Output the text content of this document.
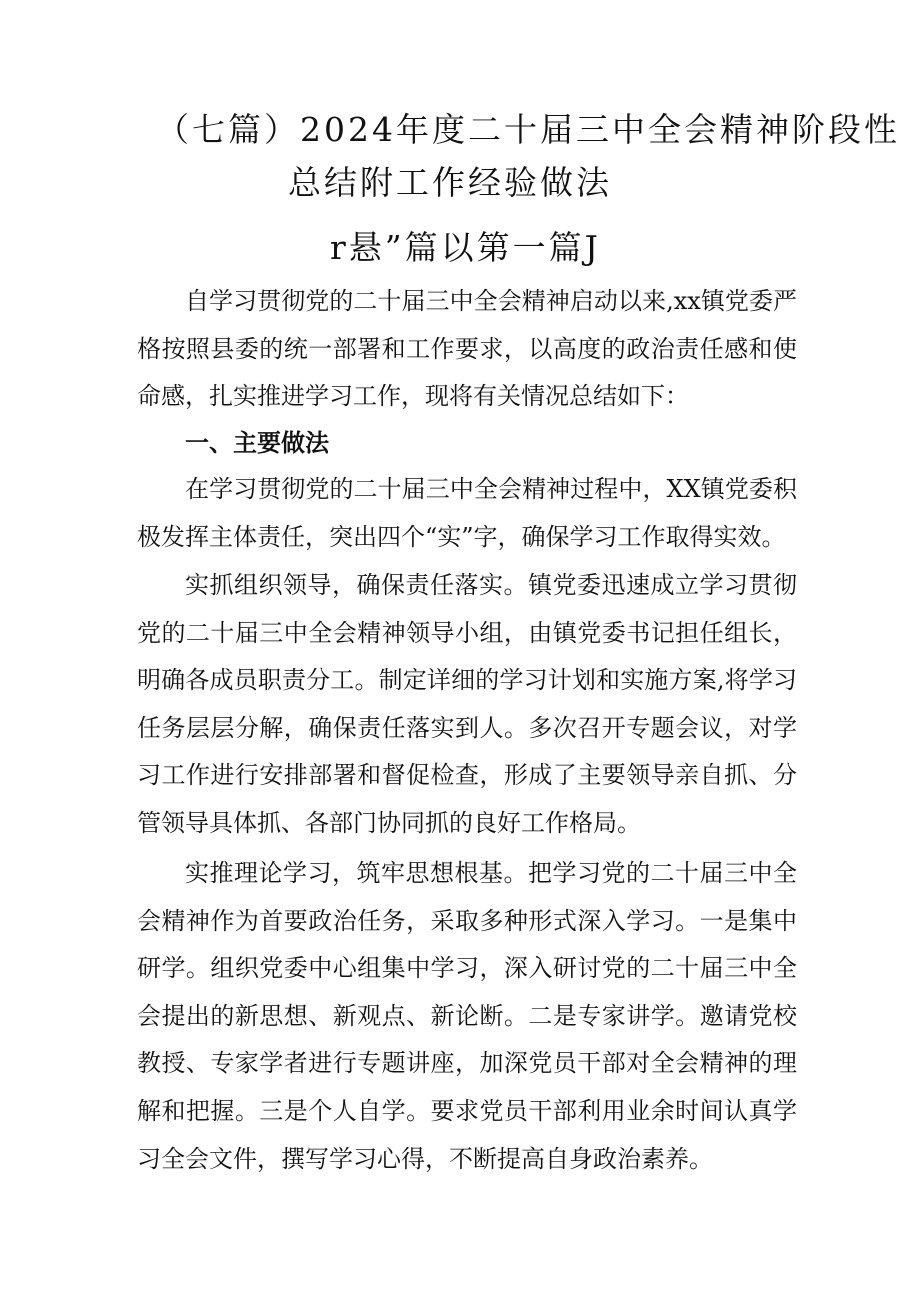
（七篇）2024年度二十届三中全会精神阶段性
总结附工作经验做法
r悬”篇以第一篇J

自学习贯彻党的二十届三中全会精神启动以来,xx镇党委严格按照县委的统一部署和工作要求，以高度的政治责任感和使命感，扎实推进学习工作，现将有关情况总结如下：

一、主要做法

在学习贯彻党的二十届三中全会精神过程中，XX镇党委积极发挥主体责任，突出四个“实”字，确保学习工作取得实效。

实抓组织领导，确保责任落实。镇党委迅速成立学习贯彻党的二十届三中全会精神领导小组，由镇党委书记担任组长，明确各成员职责分工。制定详细的学习计划和实施方案,将学习任务层层分解，确保责任落实到人。多次召开专题会议，对学习工作进行安排部署和督促检查，形成了主要领导亲自抓、分管领导具体抓、各部门协同抓的良好工作格局。

实推理论学习，筑牢思想根基。把学习党的二十届三中全会精神作为首要政治任务，采取多种形式深入学习。一是集中研学。组织党委中心组集中学习，深入研讨党的二十届三中全会提出的新思想、新观点、新论断。二是专家讲学。邀请党校教授、专家学者进行专题讲座，加深党员干部对全会精神的理解和把握。三是个人自学。要求党员干部利用业余时间认真学习全会文件，撰写学习心得，不断提高自身政治素养。
